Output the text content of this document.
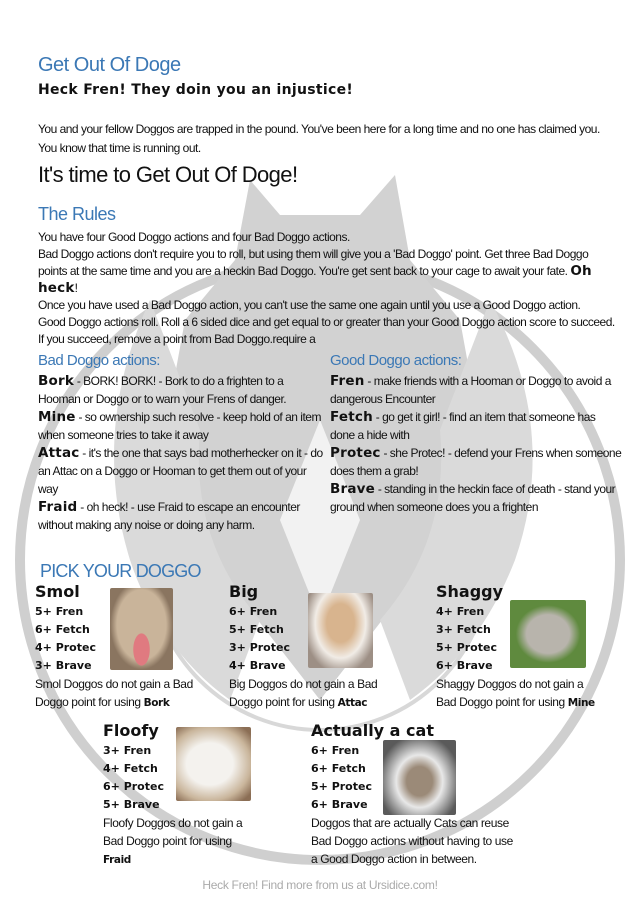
Get Out Of Doge
Heck Fren! They doin you an injustice!
You and your fellow Doggos are trapped in the pound. You've been here for a long time and no one has claimed you. You know that time is running out.
It's time to Get Out Of Doge!
The Rules
You have four Good Doggo actions and four Bad Doggo actions.
Bad Doggo actions don't require you to roll, but using them will give you a 'Bad Doggo' point. Get three Bad Doggo points at the same time and you are a heckin Bad Doggo. You're get sent back to your cage to await your fate. Oh heck!
Once you have used a Bad Doggo action, you can't use the same one again until you use a Good Doggo action.
Good Doggo actions roll. Roll a 6 sided dice and get equal to or greater than your Good Doggo action score to succeed. If you succeed, remove a point from Bad Doggo.require a
Bad Doggo actions:
Bork - BORK! BORK! - Bork to do a frighten to a Hooman or Doggo or to warn your Frens of danger.
Mine - so ownership such resolve - keep hold of an item when someone tries to take it away
Attac - it's the one that says bad motherhecker on it - do an Attac on a Doggo or Hooman to get them out of your way
Fraid - oh heck! - use Fraid to escape an encounter without making any noise or doing any harm.
Good Doggo actions:
Fren - make friends with a Hooman or Doggo to avoid a dangerous Encounter
Fetch - go get it girl! - find an item that someone has done a hide with
Protec - she Protec! - defend your Frens when someone does them a grab!
Brave - standing in the heckin face of death - stand your ground when someone does you a frighten
PICK YOUR DOGGO
Smol
5+ Fren
6+ Fetch
4+ Protec
3+ Brave
Smol Doggos do not gain a Bad Doggo point for using Bork
Big
6+ Fren
5+ Fetch
3+ Protec
4+ Brave
Big Doggos do not gain a Bad Doggo point for using Attac
Shaggy
4+ Fren
3+ Fetch
5+ Protec
6+ Brave
Shaggy Doggos do not gain a Bad Doggo point for using Mine
Floofy
3+ Fren
4+ Fetch
6+ Protec
5+ Brave
Floofy Doggos do not gain a Bad Doggo point for using Fraid
Actually a cat
6+ Fren
6+ Fetch
5+ Protec
6+ Brave
Doggos that are actually Cats can reuse Bad Doggo actions without having to use a Good Doggo action in between.
Heck Fren! Find more from us at Ursidice.com!
